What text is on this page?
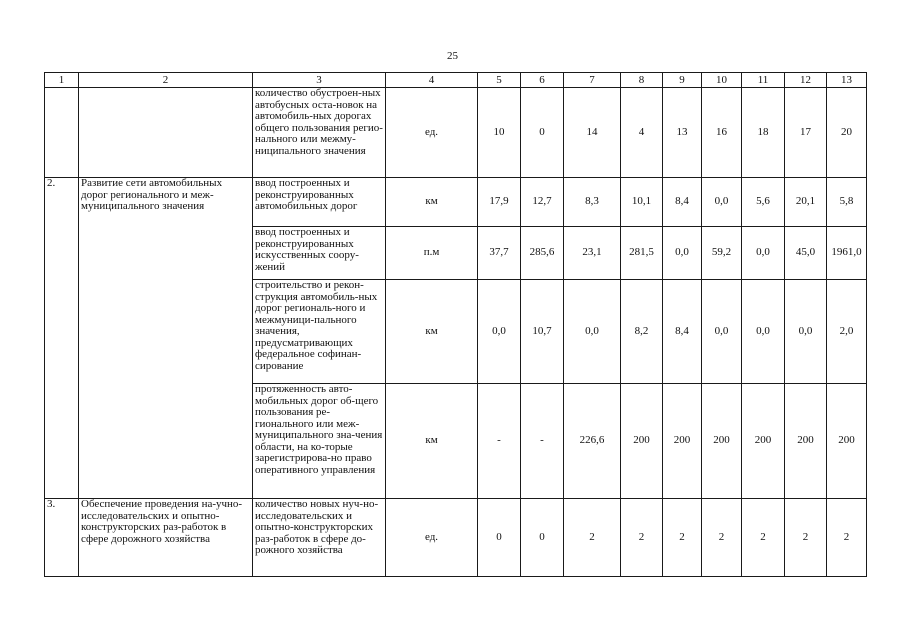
25
1	2	3	4	5	6	7	8	9	10	11	12	13
		количество обустроен-ных автобусных оста-новок на автомобиль-ных дорогах общего пользования регио-нального или межму-ниципального значения	ед.	10	0	14	4	13	16	18	17	20
2.	Развитие сети автомобильных дорог регионального и меж-муниципального значения	ввод построенных и реконструированных автомобильных дорог	км	17,9	12,7	8,3	10,1	8,4	0,0	5,6	20,1	5,8
		ввод построенных и реконструированных искусственных соору-жений	п.м	37,7	285,6	23,1	281,5	0,0	59,2	0,0	45,0	1961,0
		строительство и рекон-струкция автомобиль-ных дорог региональ-ного и межмуници-пального значения, предусматривающих федеральное софинан-сирование	км	0,0	10,7	0,0	8,2	8,4	0,0	0,0	0,0	2,0
		протяженность авто-мобильных дорог об-щего пользования ре-гионального или меж-муниципального зна-чения области, на ко-торые зарегистрирова-но право оперативного управления	км	-	-	226,6	200	200	200	200	200	200
3.	Обеспечение проведения на-учно-исследовательских и опытно-конструкторских раз-работок в сфере дорожного хозяйства	количество новых нуч-но-исследовательских и опытно-конструкторских раз-работок в сфере до-рожного хозяйства	ед.	0	0	2	2	2	2	2	2	2
